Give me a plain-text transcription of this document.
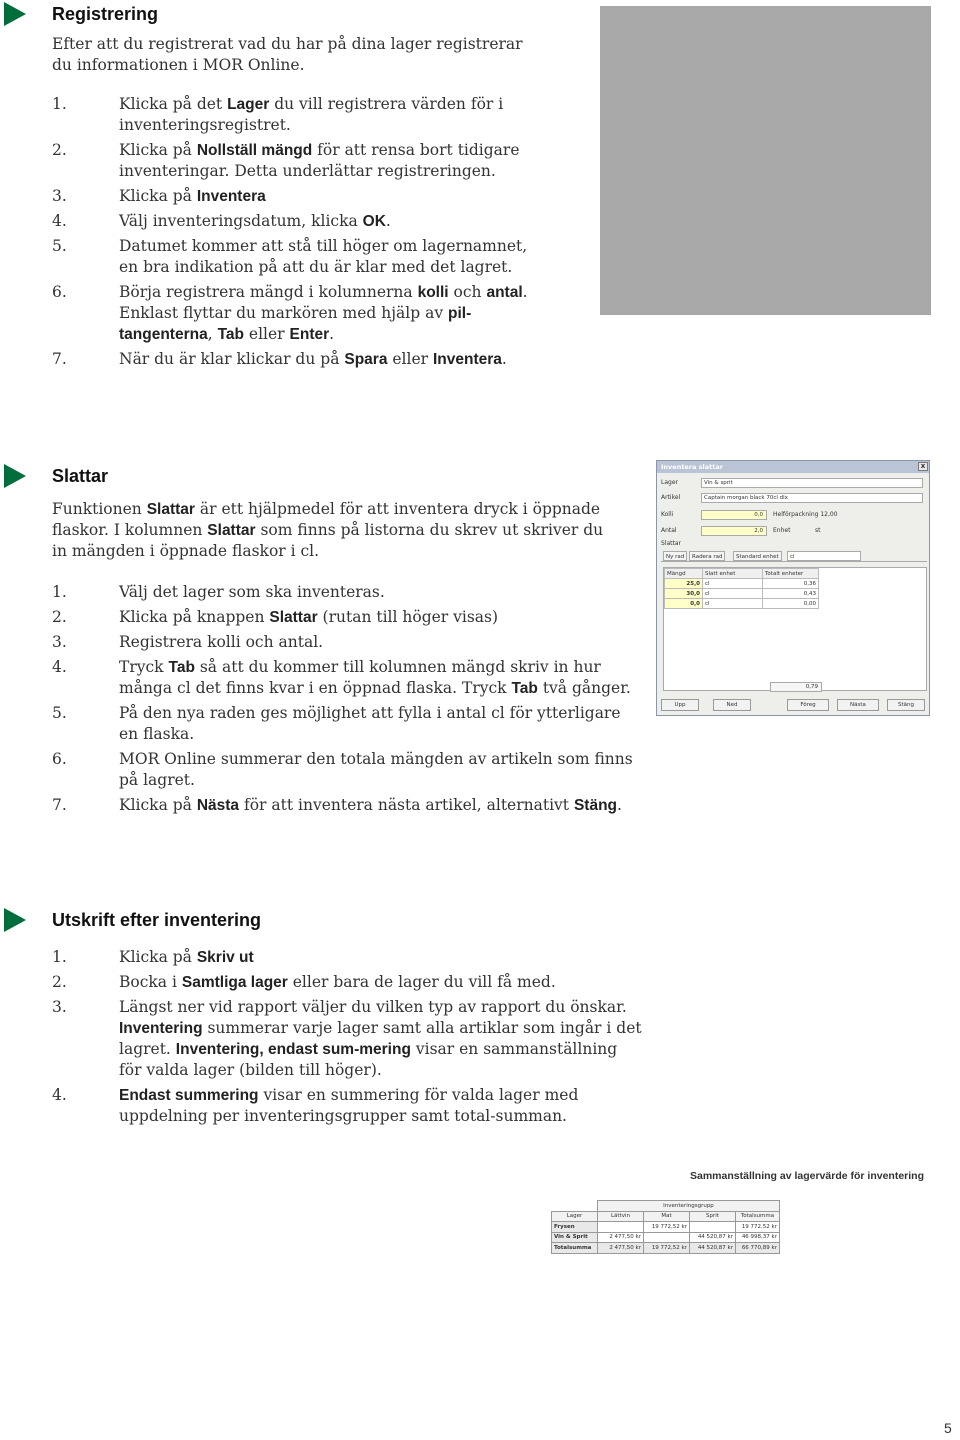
Registrering

Efter att du registrerat vad du har på dina lager registrerar du informationen i MOR Online.

1.	Klicka på det Lager du vill registrera värden för i inventeringsregistret.
2.	Klicka på Nollställ mängd för att rensa bort tidigare inventeringar. Detta underlättar registreringen.
3.	Klicka på Inventera
4.	Välj inventeringsdatum, klicka OK.
5.	Datumet kommer att stå till höger om lagernamnet, en bra indikation på att du är klar med det lagret.
6.	Börja registrera mängd i kolumnerna kolli och antal. Enklast flyttar du markören med hjälp av pil-tangenterna, Tab eller Enter.
7.	När du är klar klickar du på Spara eller Inventera.
Slattar

Funktionen Slattar är ett hjälpmedel för att inventera dryck i öppnade flaskor. I kolumnen Slattar som finns på listorna du skrev ut skriver du in mängden i öppnade flaskor i cl.

1.	Välj det lager som ska inventeras.
2.	Klicka på knappen Slattar (rutan till höger visas)
3.	Registrera kolli och antal.
4.	Tryck Tab så att du kommer till kolumnen mängd skriv in hur många cl det finns kvar i en öppnad flaska. Tryck Tab två gånger.
5.	På den nya raden ges möjlighet att fylla i antal cl för ytterligare en flaska.
6.	MOR Online summerar den totala mängden av artikeln som finns på lagret.
7.	Klicka på Nästa för att inventera nästa artikel, alternativt Stäng.
Inventera slattar	x
Lager	Vin & sprit
Artikel	Captain morgan black 70cl dlx
Kolli	0,0	Helförpackning 12,00
Antal	2,0	Enhet	st
Slattar
Ny rad	Radera rad	Standard enhet	cl
Mängd	Slatt enhet	Totalt enheter
25,0	cl	0,36
30,0	cl	0,43
0,0	cl	0,00
0,79
Upp	Ned	Föreg	Nästa	Stäng
Utskrift efter inventering
1.	Klicka på Skriv ut
2.	Bocka i Samtliga lager eller bara de lager du vill få med.
3.	Längst ner vid rapport väljer du vilken typ av rapport du önskar. Inventering summerar varje lager samt alla artiklar som ingår i det lagret. Inventering, endast sum-mering visar en sammanställning för valda lager (bilden till höger).
4.	Endast summering visar en summering för valda lager med uppdelning per inventeringsgrupper samt total-summan.
Sammanställning av lagervärde för inventering
	Inventeringsgrupp			
Lager	Lättvin	Mat	Sprit	Totalsumma
Frysen		19 772,52 kr		19 772,52 kr
Vin & Sprit	2 477,50 kr		44 520,87 kr	46 998,37 kr
Totalsumma	2 477,50 kr	19 772,52 kr	44 520,87 kr	66 770,89 kr
5
